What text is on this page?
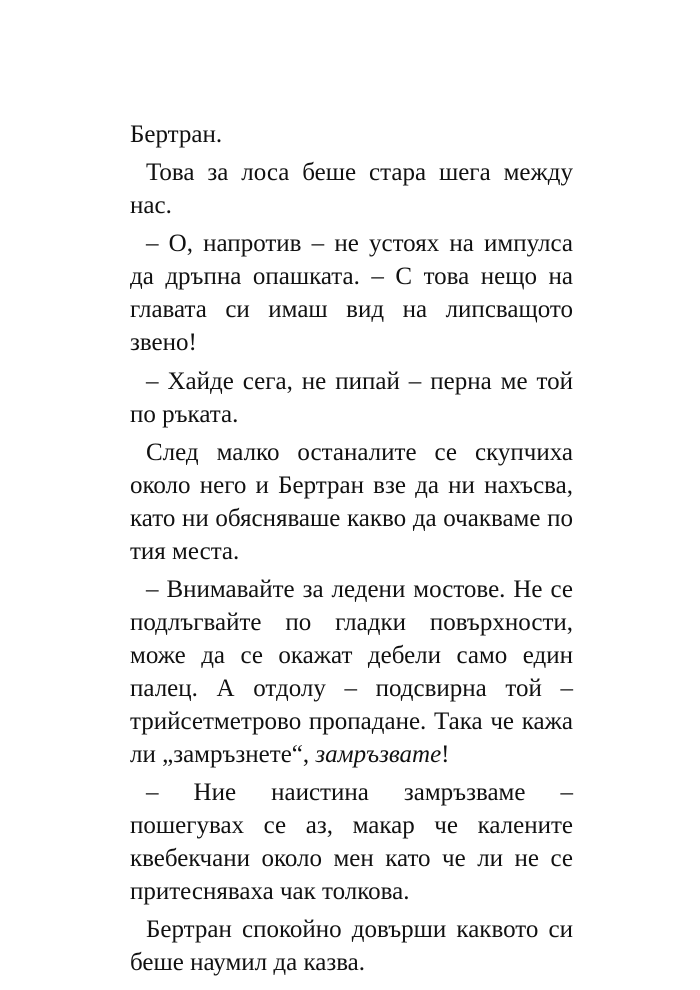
Бертран.

Това за лоса беше стара шега между нас.

– О, напротив – не устоях на импулса да дръпна опашката. – С това нещо на главата си имаш вид на липсващото звено!

– Хайде сега, не пипай – перна ме той по ръката.

След малко останалите се скупчиха около него и Бертран взе да ни нахъсва, като ни обясняваше какво да очакваме по тия места.

– Внимавайте за ледени мостове. Не се подлъгвайте по гладки повърхности, може да се окажат дебели само един палец. А отдолу – подсвирна той – трийсетметрово пропадане. Така че кажа ли „замръзнете“, замръзвате!

– Ние наистина замръзваме – пошегувах се аз, макар че калените квебекчани около мен като че ли не се притесняваха чак толкова.

Бертран спокойно довърши каквото си беше наумил да казва.
